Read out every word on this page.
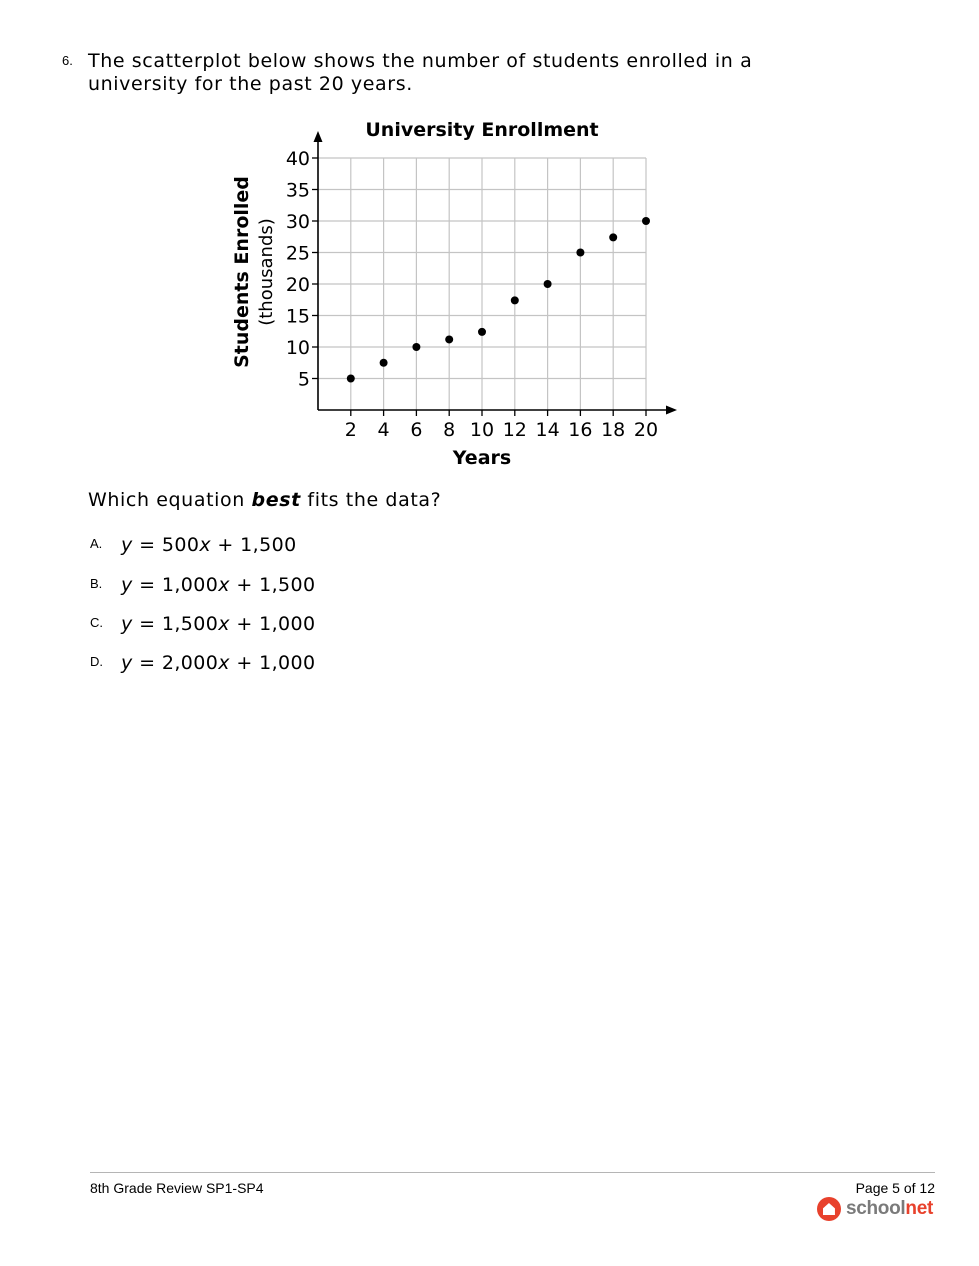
6. The scatterplot below shows the number of students enrolled in a
university for the past 20 years.
5
10
15
20
25
30
35
40
2 4 6 8 10 12 14 16 18 20
University Enrollment
Years
Students Enrolled (thousands)
Which equation best fits the data?
A. y = 500x + 1,500
B. y = 1,000x + 1,500
C. y = 1,500x + 1,000
D. y = 2,000x + 1,000
8th Grade Review SP1-SP4	Page 5 of 12
schoolnet
